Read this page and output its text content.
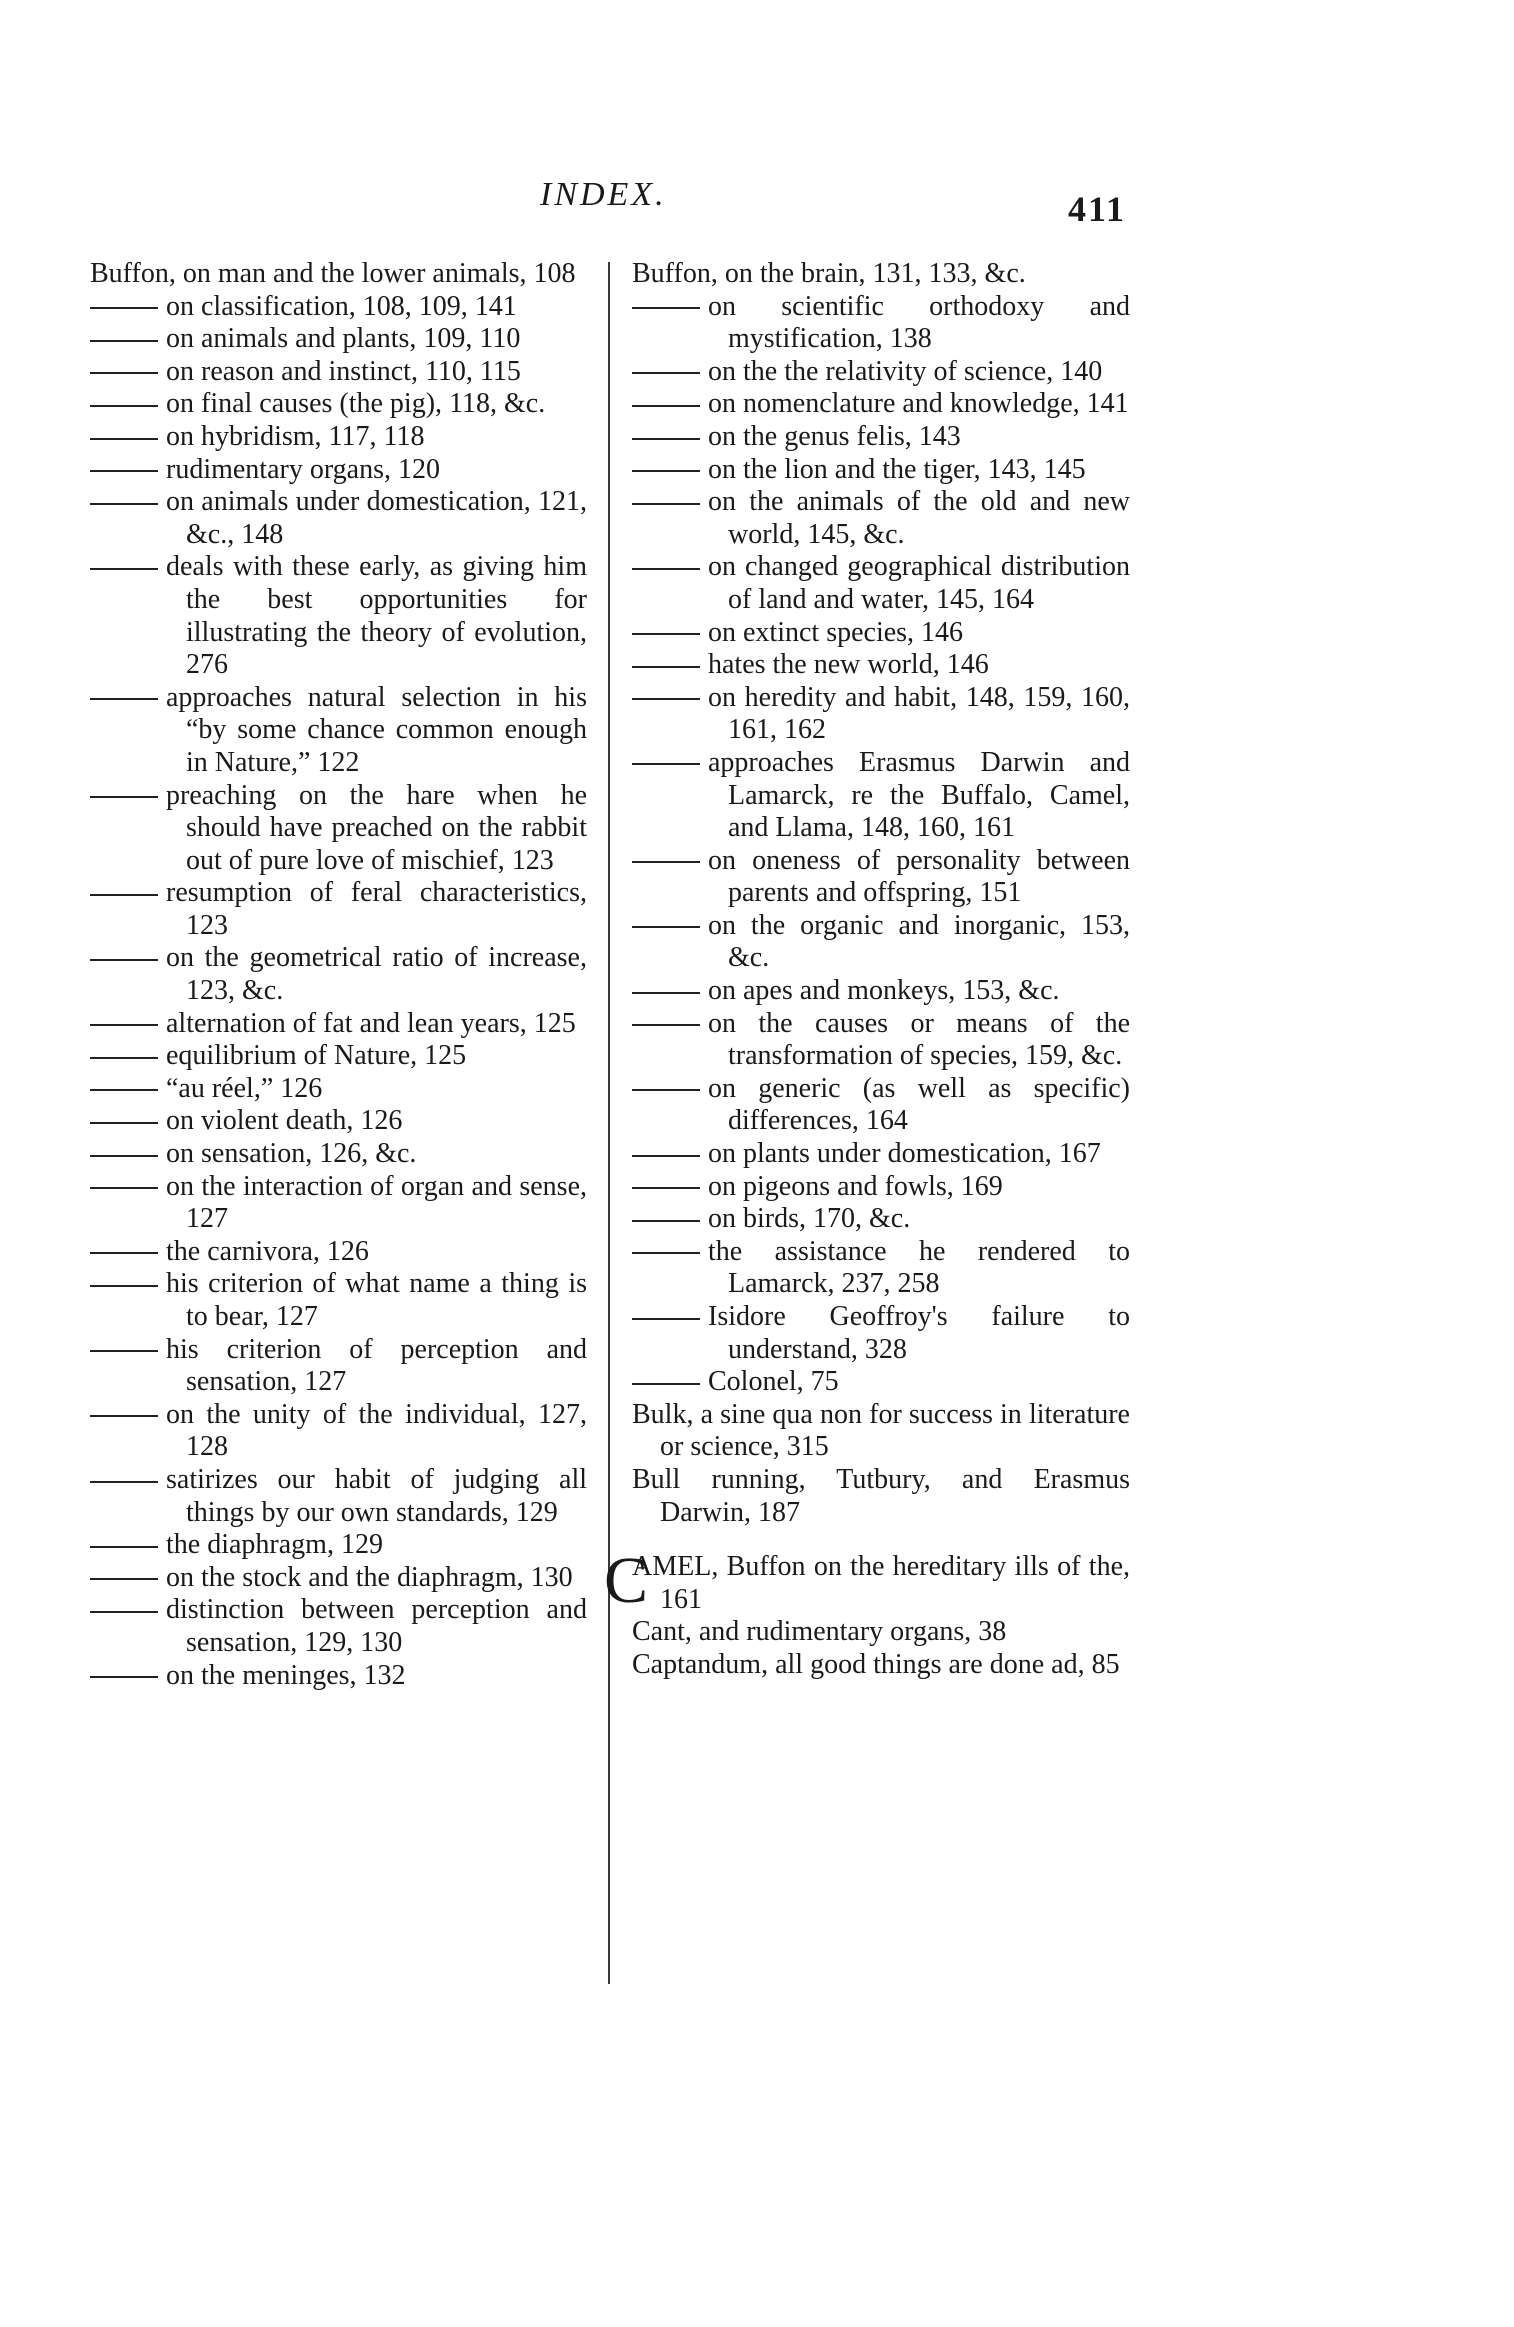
INDEX.	411

Buffon, on man and the lower animals, 108

on classification, 108, 109, 141

on animals and plants, 109, 110

on reason and instinct, 110, 115

on final causes (the pig), 118, &c.

on hybridism, 117, 118

rudimentary organs, 120

on animals under domestication, 121, &c., 148

deals with these early, as giving him the best opportunities for illustrating the theory of evolution, 276

approaches natural selection in his “by some chance common enough in Nature,” 122

preaching on the hare when he should have preached on the rabbit out of pure love of mischief, 123

resumption of feral characteristics, 123

on the geometrical ratio of increase, 123, &c.

alternation of fat and lean years, 125

equilibrium of Nature, 125

“au réel,” 126

on violent death, 126

on sensation, 126, &c.

on the interaction of organ and sense, 127

the carnivora, 126

his criterion of what name a thing is to bear, 127

his criterion of perception and sensation, 127

on the unity of the individual, 127, 128

satirizes our habit of judging all things by our own standards, 129

the diaphragm, 129

on the stock and the diaphragm, 130

distinction between perception and sensation, 129, 130

on the meninges, 132

Buffon, on the brain, 131, 133, &c.

on scientific orthodoxy and mystification, 138

on the the relativity of science, 140

on nomenclature and knowledge, 141

on the genus felis, 143

on the lion and the tiger, 143, 145

on the animals of the old and new world, 145, &c.

on changed geographical distribution of land and water, 145, 164

on extinct species, 146

hates the new world, 146

on heredity and habit, 148, 159, 160, 161, 162

approaches Erasmus Darwin and Lamarck, re the Buffalo, Camel, and Llama, 148, 160, 161

on oneness of personality between parents and offspring, 151

on the organic and inorganic, 153, &c.

on apes and monkeys, 153, &c.

on the causes or means of the transformation of species, 159, &c.

on generic (as well as specific) differences, 164

on plants under domestication, 167

on pigeons and fowls, 169

on birds, 170, &c.

the assistance he rendered to Lamarck, 237, 258

Isidore Geoffroy's failure to understand, 328

Colonel, 75

Bulk, a sine qua non for success in literature or science, 315

Bull running, Tutbury, and Erasmus Darwin, 187

C
AMEL, Buffon on the hereditary ills of the, 161

Cant, and rudimentary organs, 38

Captandum, all good things are done ad, 85
